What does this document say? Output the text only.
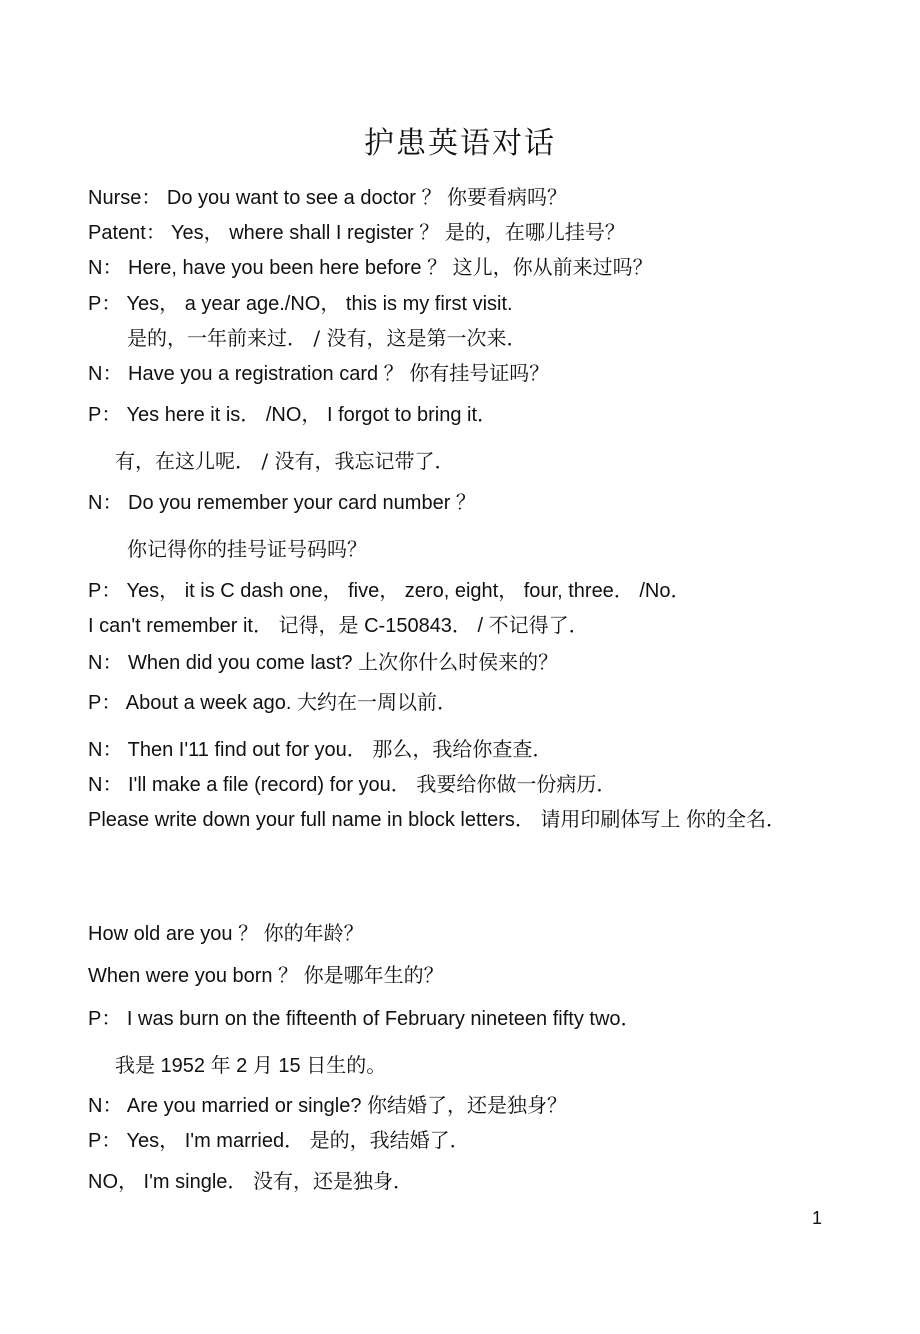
护患英语对话
Nurse： Do you want to see a doctor ？ 你要看病吗？
Patent： Yes， where shall I register ？ 是的，在哪儿挂号？
N： Here, have you been here before ？ 这儿，你从前来过吗？
P： Yes， a year age./NO， this is my first visit.
是的，一年前来过． / 没有，这是第一次来．
N： Have you a registration card ？ 你有挂号证吗？
P： Yes here it is． /NO， I forgot to bring it．
有，在这儿呢． / 没有，我忘记带了．
N： Do you remember your card number ？
你记得你的挂号证号码吗？
P： Yes， it is C dash one， five， zero, eight， four, three． /No．
I can't remember it． 记得，是 C-150843． / 不记得了．
N： When did you come last? 上次你什么时侯来的？
P： About a week ago. 大约在一周以前．
N： Then I'11 find out for you． 那么，我给你查查．
N： I'll make a file (record) for you． 我要给你做一份病历．
Please write down your full name in block letters． 请用印刷体写上 你的全名．
How old are you ？ 你的年龄？
When were you born ？ 你是哪年生的？
P： I was burn on the fifteenth of February nineteen fifty two．
我是 1952 年 2 月 15 日生的。
N： Are you married or single? 你结婚了，还是独身？
P： Yes， I'm married． 是的，我结婚了．
NO， I'm single． 没有，还是独身．
1
